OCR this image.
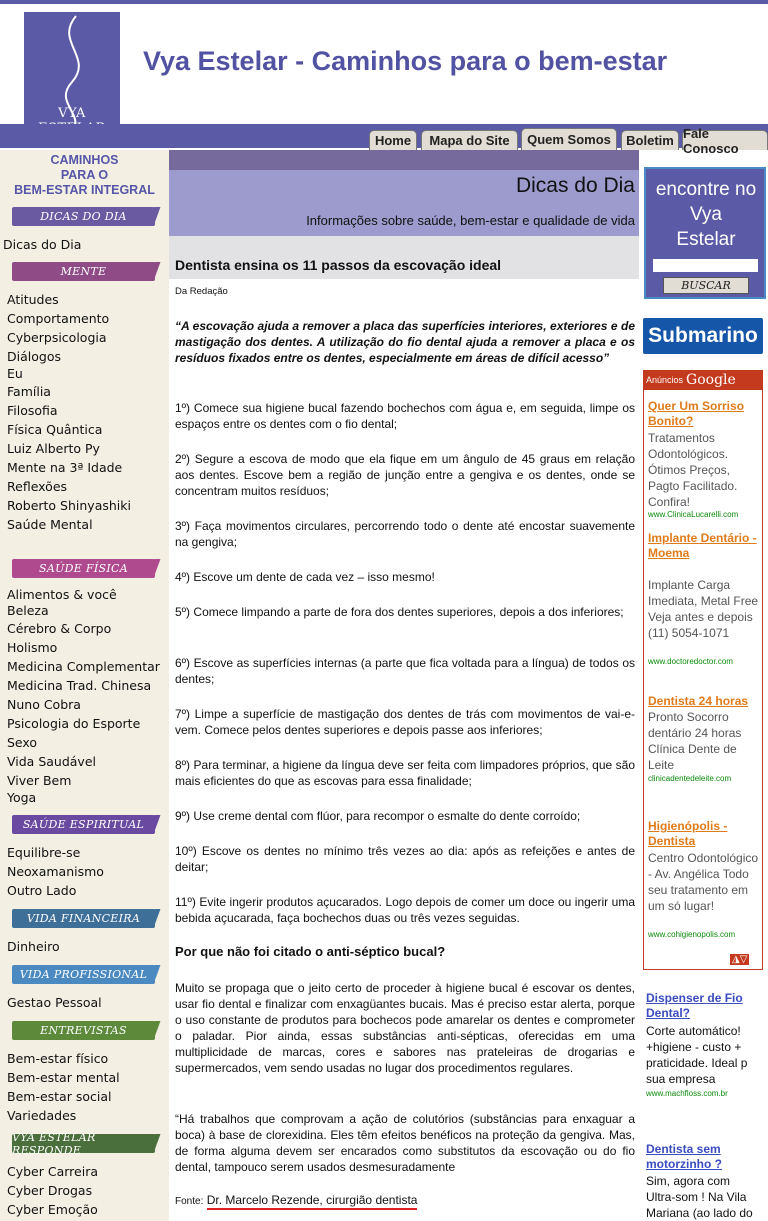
VYA
Vya Estelar - Caminhos para o bem-estar
Home	Mapa do Site	Quem Somos	Boletim Fale Conosco
CAMINHOS
PARA O
BEM-ESTAR INTEGRAL
DICAS DO DIA
Dicas do Dia
MENTE
Atitudes
Comportamento
Cyberpsicologia
Diálogos
Eu
Família
Filosofia
Física Quântica
Luiz Alberto Py
Mente na 3ª Idade
Reflexões
Roberto Shinyashiki
Saúde Mental
SAÚDE FÍSICA
Alimentos & você
Beleza
Cérebro & Corpo
Holismo
Medicina Complementar
Medicina Trad. Chinesa
Nuno Cobra
Psicologia do Esporte
Sexo
Vida Saudável
Viver Bem
Yoga
SAÚDE ESPIRITUAL
Equilibre-se
Neoxamanismo
Outro Lado
VIDA FINANCEIRA
Dinheiro
VIDA PROFISSIONAL
Gestao Pessoal
ENTREVISTAS
Bem-estar físico
Bem-estar mental
Bem-estar social
Variedades
VYA ESTELAR RESPONDE
Cyber Carreira
Cyber Drogas
Cyber Emoção
Dicas do Dia
Informações sobre saúde, bem-estar e qualidade de vida
Dentista ensina os 11 passos da escovação ideal
Da Redação
“A escovação ajuda a remover a placa das superfícies interiores, exteriores e de mastigação dos dentes. A utilização do fio dental ajuda a remover a placa e os resíduos fixados entre os dentes, especialmente em áreas de difícil acesso”
1º) Comece sua higiene bucal fazendo bochechos com água e, em seguida, limpe os espaços entre os dentes com o fio dental;
2º) Segure a escova de modo que ela fique em um ângulo de 45 graus em relação aos dentes. Escove bem a região de junção entre a gengiva e os dentes, onde se concentram muitos resíduos;
3º) Faça movimentos circulares, percorrendo todo o dente até encostar suavemente na gengiva;
4º) Escove um dente de cada vez – isso mesmo!
5º) Comece limpando a parte de fora dos dentes superiores, depois a dos inferiores;
6º) Escove as superfícies internas (a parte que fica voltada para a língua) de todos os dentes;
7º) Limpe a superfície de mastigação dos dentes de trás com movimentos de vai-e-vem. Comece pelos dentes superiores e depois passe aos inferiores;
8º) Para terminar, a higiene da língua deve ser feita com limpadores próprios, que são mais eficientes do que as escovas para essa finalidade;
9º) Use creme dental com flúor, para recompor o esmalte do dente corroído;
10º) Escove os dentes no mínimo três vezes ao dia: após as refeições e antes de deitar;
11º) Evite ingerir produtos açucarados. Logo depois de comer um doce ou ingerir uma bebida açucarada, faça bochechos duas ou três vezes seguidas.
Por que não foi citado o anti-séptico bucal?
Muito se propaga que o jeito certo de proceder à higiene bucal é escovar os dentes, usar fio dental e finalizar com enxagüantes bucais. Mas é preciso estar alerta, porque o uso constante de produtos para bochecos pode amarelar os dentes e comprometer o paladar. Pior ainda, essas substâncias anti-sépticas, oferecidas em uma multiplicidade de marcas, cores e sabores nas prateleiras de drogarias e supermercados, vem sendo usadas no lugar dos procedimentos regulares.
“Há trabalhos que comprovam a ação de colutórios (substâncias para enxaguar a boca) à base de clorexidina. Eles têm efeitos benéficos na proteção da gengiva. Mas, de forma alguma devem ser encarados como substitutos da escovação ou do fio dental, tampouco serem usados desmesuradamente
Fonte: Dr. Marcelo Rezende, cirurgião dentista
encontre no
Vya
Estelar
BUSCAR
Submarino
Anúncios Google
Quer Um Sorriso Bonito?
Tratamentos Odontológicos. Ótimos Preços, Pagto Facilitado. Confira!
www.ClinicaLucarelli.com
Implante Dentário - Moema
Implante Carga Imediata, Metal Free Veja antes e depois (11) 5054-1071
www.doctoredoctor.com
Dentista 24 horas
Pronto Socorro dentário 24 horas Clínica Dente de Leite
clinicadentedeleite.com
Higienópolis - Dentista
Centro Odontológico - Av. Angélica Todo seu tratamento em um só lugar!
www.cohigienopolis.com
◮▽
Dispenser de Fio Dental?
Corte automático! +higiene - custo + praticidade. Ideal p sua empresa
www.machfloss.com.br
Dentista sem motorzinho ?
Sim, agora com Ultra-som ! Na Vila Mariana (ao lado do
